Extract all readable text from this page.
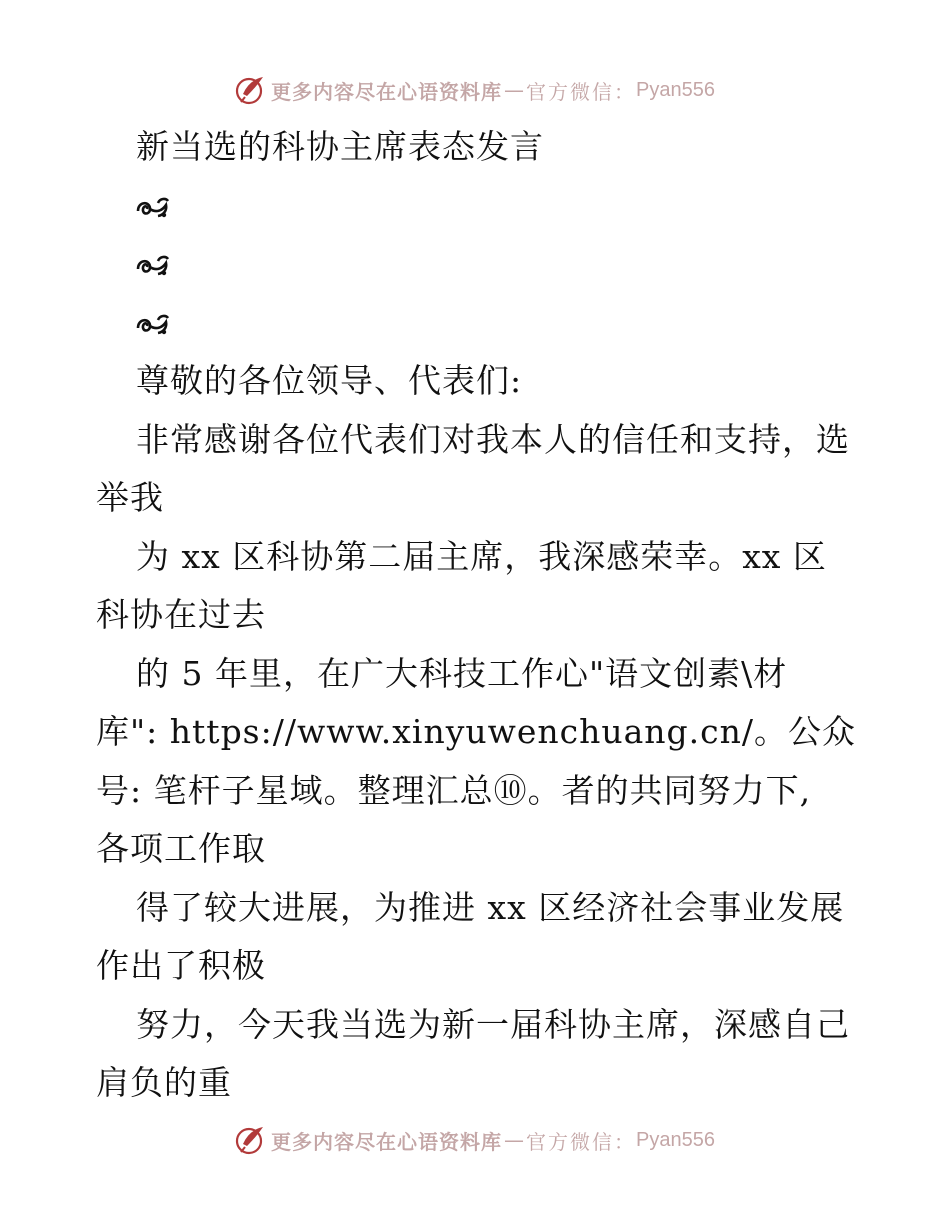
更多内容尽在心语资料库 — 官方微信： Pyan556
新当选的科协主席表态发言
尊敬的各位领导、代表们:
非常感谢各位代表们对我本人的信任和支持，选
举我
为 xx 区科协第二届主席，我深感荣幸。xx 区
科协在过去
的 5 年里，在广大科技工作心"语文创素\材
库": https://www.xinyuwenchuang.cn/。公众
号: 笔杆子星域。整理汇总⑩。者的共同努力下,
各项工作取
得了较大进展，为推进 xx 区经济社会事业发展
作出了积极
努力，今天我当选为新一届科协主席，深感自己
肩负的重
更多内容尽在心语资料库 — 官方微信： Pyan556
